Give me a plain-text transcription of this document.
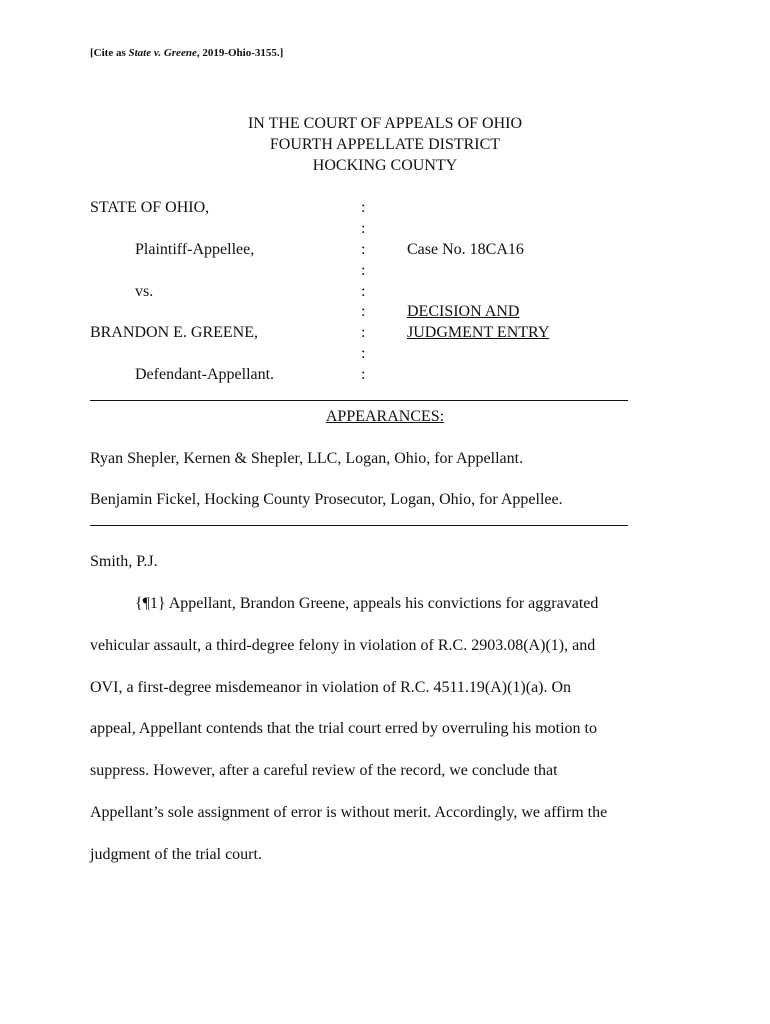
[Cite as State v. Greene, 2019-Ohio-3155.]
IN THE COURT OF APPEALS OF OHIO
FOURTH APPELLATE DISTRICT
HOCKING COUNTY
STATE OF OHIO,
Plaintiff-Appellee,
vs.
BRANDON E. GREENE,
Defendant-Appellant.
:
:
:
:
:
:
:
:
:
Case No. 18CA16
DECISION AND
JUDGMENT ENTRY
APPEARANCES:
Ryan Shepler, Kernen & Shepler, LLC, Logan, Ohio, for Appellant.
Benjamin Fickel, Hocking County Prosecutor, Logan, Ohio, for Appellee.
Smith, P.J.
{¶1} Appellant, Brandon Greene, appeals his convictions for aggravated
vehicular assault, a third-degree felony in violation of R.C. 2903.08(A)(1), and
OVI, a first-degree misdemeanor in violation of R.C. 4511.19(A)(1)(a). On
appeal, Appellant contends that the trial court erred by overruling his motion to
suppress. However, after a careful review of the record, we conclude that
Appellant’s sole assignment of error is without merit. Accordingly, we affirm the
judgment of the trial court.
